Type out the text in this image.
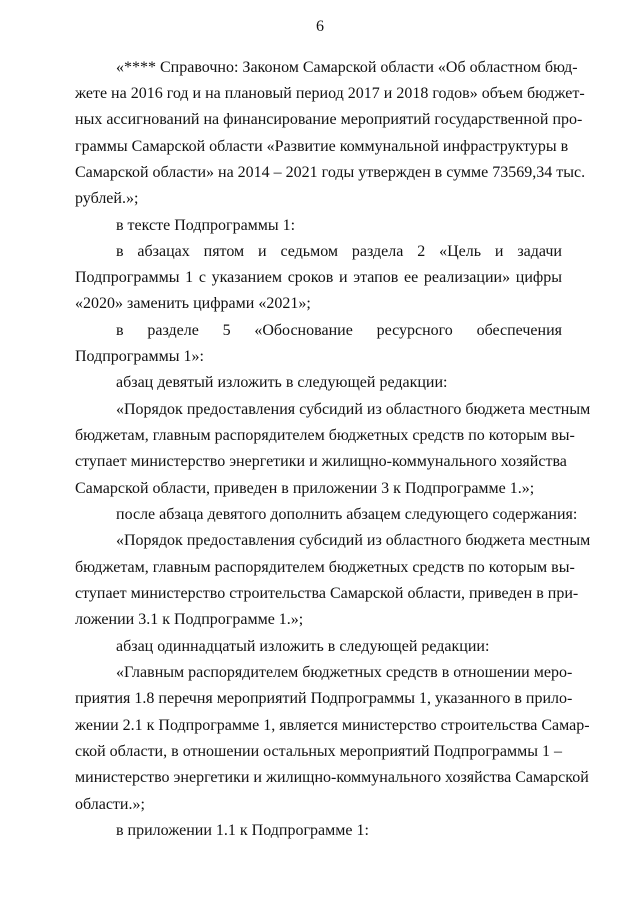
6
«**** Справочно: Законом Самарской области «Об областном бюд-
жете на 2016 год и на плановый период 2017 и 2018 годов» объем бюджет-
ных ассигнований на финансирование мероприятий государственной про-
граммы Самарской области «Развитие коммунальной инфраструктуры в
Самарской области» на 2014 – 2021 годы утвержден в сумме 73569,34 тыс.
рублей.»;
в тексте Подпрограммы 1:
в абзацах пятом и седьмом раздела 2 «Цель и задачи
Подпрограммы 1 с указанием сроков и этапов ее реализации» цифры
«2020» заменить цифрами «2021»;
в разделе 5 «Обоснование ресурсного обеспечения
Подпрограммы 1»:
абзац девятый изложить в следующей редакции:
«Порядок предоставления субсидий из областного бюджета местным
бюджетам, главным распорядителем бюджетных средств по которым вы-
ступает министерство энергетики и жилищно-коммунального хозяйства
Самарской области, приведен в приложении 3 к Подпрограмме 1.»;
после абзаца девятого дополнить абзацем следующего содержания:
«Порядок предоставления субсидий из областного бюджета местным
бюджетам, главным распорядителем бюджетных средств по которым вы-
ступает министерство строительства Самарской области, приведен в при-
ложении 3.1 к Подпрограмме 1.»;
абзац одиннадцатый изложить в следующей редакции:
«Главным распорядителем бюджетных средств в отношении меро-
приятия 1.8 перечня мероприятий Подпрограммы 1, указанного в прило-
жении 2.1 к Подпрограмме 1, является министерство строительства Самар-
ской области, в отношении остальных мероприятий Подпрограммы 1 –
министерство энергетики и жилищно-коммунального хозяйства Самарской
области.»;
в приложении 1.1 к Подпрограмме 1:
